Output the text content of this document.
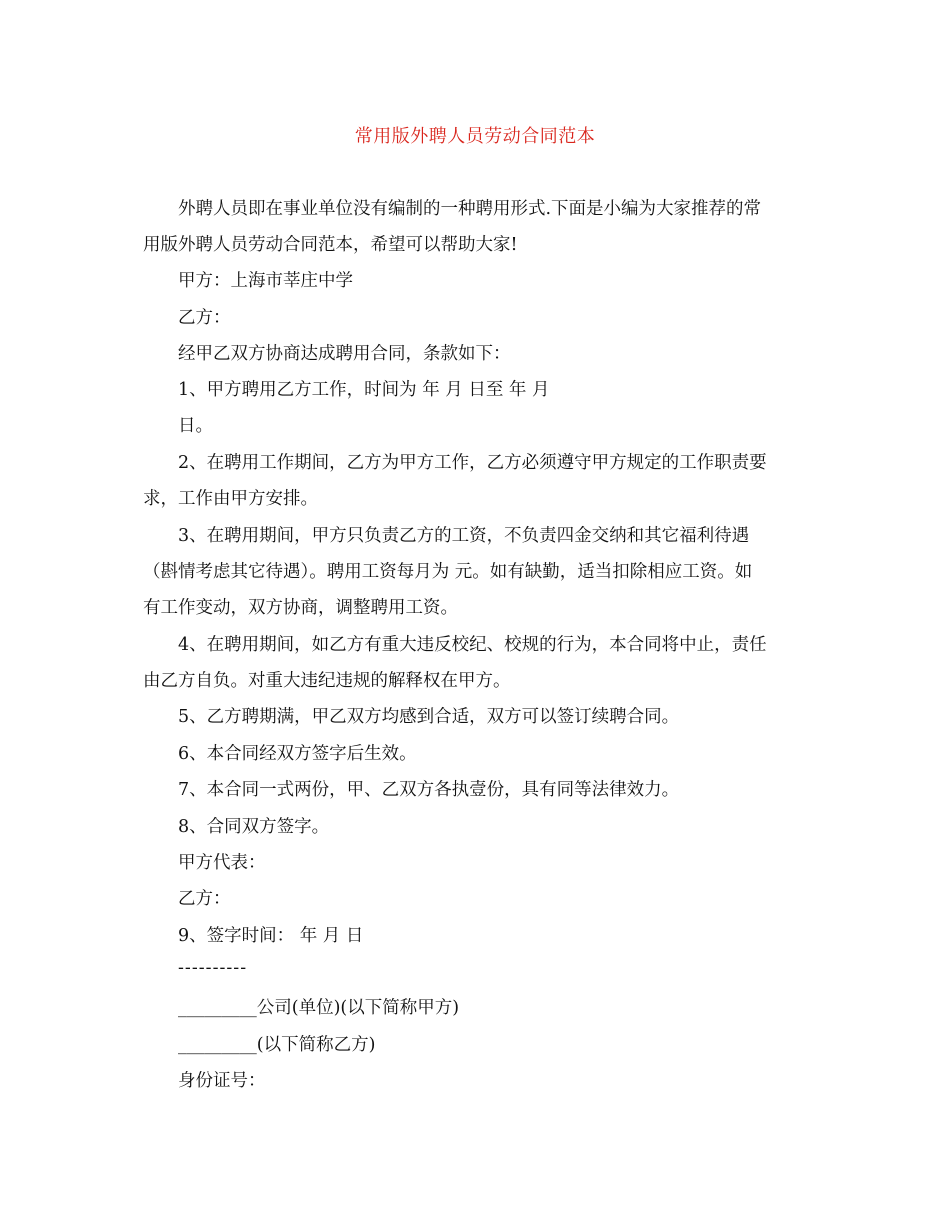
常用版外聘人员劳动合同范本
外聘人员即在事业单位没有编制的一种聘用形式.下面是小编为大家推荐的常
用版外聘人员劳动合同范本，希望可以帮助大家!
甲方：上海市莘庄中学
乙方：
经甲乙双方协商达成聘用合同，条款如下：
1、甲方聘用乙方工作，时间为 年 月 日至 年 月
日。
2、在聘用工作期间，乙方为甲方工作，乙方必须遵守甲方规定的工作职责要
求，工作由甲方安排。
3、在聘用期间，甲方只负责乙方的工资，不负责四金交纳和其它福利待遇
（斟情考虑其它待遇）。聘用工资每月为 元。如有缺勤，适当扣除相应工资。如
有工作变动，双方协商，调整聘用工资。
4、在聘用期间，如乙方有重大违反校纪、校规的行为，本合同将中止，责任
由乙方自负。对重大违纪违规的解释权在甲方。
5、乙方聘期满，甲乙双方均感到合适，双方可以签订续聘合同。
6、本合同经双方签字后生效。
7、本合同一式两份，甲、乙双方各执壹份，具有同等法律效力。
8、合同双方签字。
甲方代表：
乙方：
9、签字时间： 年 月 日
----------
_________公司(单位)(以下简称甲方)
_________(以下简称乙方)
身份证号：
